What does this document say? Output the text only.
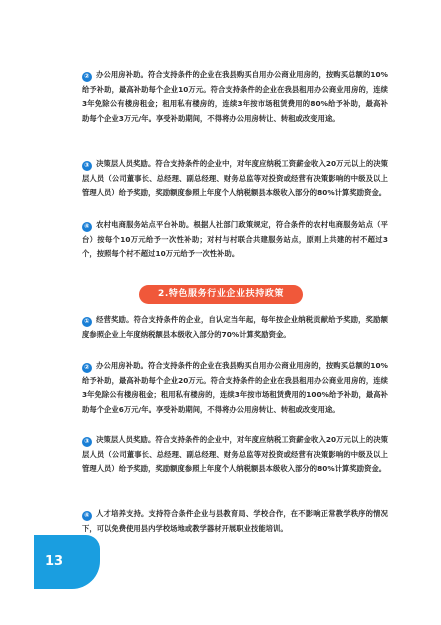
② 办公用房补助。符合支持条件的企业在我县购买自用办公商业用房的，按购买总额的10%给予补助，最高补助每个企业10万元。符合支持条件的企业在我县租用办公商业用房的，连续3年免除公有楼房租金；租用私有楼房的，连续3年按市场租赁费用的80%给予补助，最高补助每个企业3万元/年。享受补助期间，不得将办公用房转让、转租或改变用途。

③ 决策层人员奖励。符合支持条件的企业中，对年度应纳税工资薪金收入20万元以上的决策层人员（公司董事长、总经理、副总经理、财务总监等对投资或经营有决策影响的中级及以上管理人员）给予奖励，奖励额度参照上年度个人纳税额县本级收入部分的80%计算奖励资金。

④ 农村电商服务站点平台补助。根据人社部门政策规定，符合条件的农村电商服务站点（平台）按每个10万元给予一次性补助；对村与村联合共建服务站点，原则上共建的村不超过3个，按照每个村不超过10万元给予一次性补助。

2.特色服务行业企业扶持政策

① 经营奖励。符合支持条件的企业，自认定当年起，每年按企业纳税贡献给予奖励，奖励额度参照企业上年度纳税额县本级收入部分的70%计算奖励资金。

② 办公用房补助。符合支持条件的企业在我县购买自用办公商业用房的，按购买总额的10%给予补助，最高补助每个企业20万元。符合支持条件的企业在我县租用办公商业用房的，连续3年免除公有楼房租金；租用私有楼房的，连续3年按市场租赁费用的100%给予补助，最高补助每个企业6万元/年。享受补助期间，不得将办公用房转让、转租或改变用途。

③ 决策层人员奖励。符合支持条件的企业中，对年度应纳税工资薪金收入20万元以上的决策层人员（公司董事长、总经理、副总经理、财务总监等对投资或经营有决策影响的中级及以上管理人员）给予奖励，奖励额度参照上年度个人纳税额县本级收入部分的80%计算奖励资金。

④ 人才培养支持。支持符合条件企业与县教育局、学校合作，在不影响正常教学秩序的情况下，可以免费使用县内学校场地或教学器材开展职业技能培训。

13
